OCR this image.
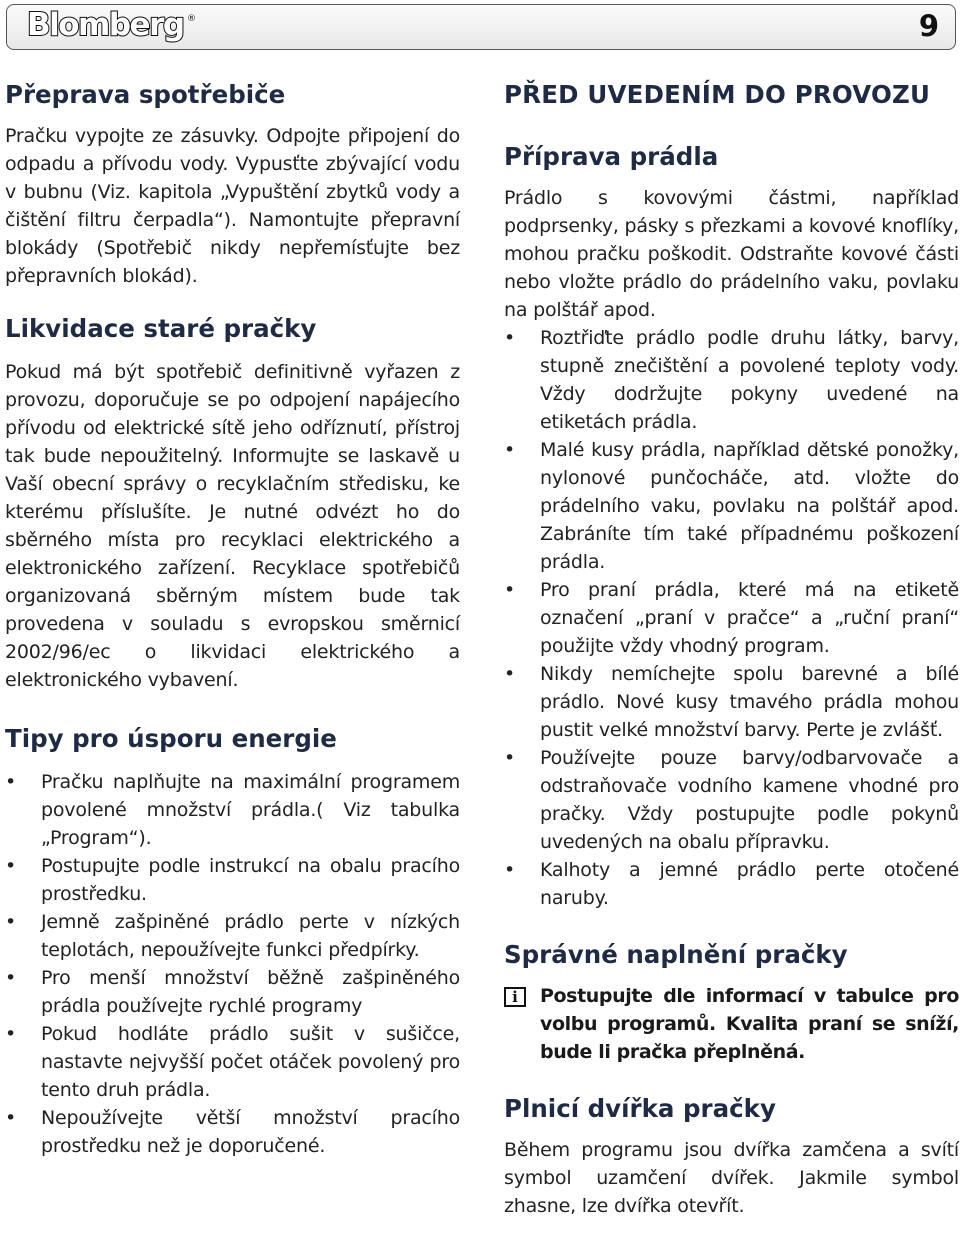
Blomberg ®	9
Přeprava spotřebiče

Pračku vypojte ze zásuvky. Odpojte připojení do odpadu a přívodu vody. Vypusťte zbývající vodu v bubnu (Viz. kapitola „Vypuštění zbytků vody a čištění filtru čerpadla“). Namontujte přepravní blokády (Spotřebič nikdy nepřemísťujte bez přepravních blokád).

Likvidace staré pračky

Pokud má být spotřebič definitivně vyřazen z provozu, doporučuje se po odpojení napájecího přívodu od elektrické sítě jeho odříznutí, přístroj tak bude nepoužitelný. Informujte se laskavě u Vaší obecní správy o recyklačním středisku, ke kterému příslušíte. Je nutné odvézt ho do sběrného místa pro recyklaci elektrického a elektronického zařízení. Recyklace spotřebičů organizovaná sběrným místem bude tak provedena v souladu s evropskou směrnicí 2002/96/ec o likvidaci elektrického a elektronického vybavení.

Tipy pro úsporu energie
•	Pračku naplňujte na maximální programem povolené množství prádla.( Viz tabulka „Program“).
•	Postupujte podle instrukcí na obalu pracího prostředku.
•	Jemně zašpiněné prádlo perte v nízkých teplotách, nepoužívejte funkci předpírky.
•	Pro menší množství běžně zašpiněného prádla používejte rychlé programy
•	Pokud hodláte prádlo sušit v sušičce, nastavte nejvyšší počet otáček povolený pro tento druh prádla.
•	Nepoužívejte větší množství pracího prostředku než je doporučené.
PŘED UVEDENÍM DO PROVOZU
Příprava prádla

Prádlo s kovovými částmi, například podprsenky, pásky s přezkami a kovové knoflíky, mohou pračku poškodit. Odstraňte kovové části nebo vložte prádlo do prádelního vaku, povlaku na polštář apod.

•	Roztřiďte prádlo podle druhu látky, barvy, stupně znečištění a povolené teploty vody. Vždy dodržujte pokyny uvedené na etiketách prádla.
•	Malé kusy prádla, například dětské ponožky, nylonové punčocháče, atd. vložte do prádelního vaku, povlaku na polštář apod. Zabráníte tím také případnému poškození prádla.
•	Pro praní prádla, které má na etiketě označení „praní v pračce“ a „ruční praní“ použijte vždy vhodný program.
•	Nikdy nemíchejte spolu barevné a bílé prádlo. Nové kusy tmavého prádla mohou pustit velké množství barvy. Perte je zvlášť.
•	Používejte pouze barvy/odbarvovače a odstraňovače vodního kamene vhodné pro pračky. Vždy postupujte podle pokynů uvedených na obalu přípravku.
•	Kalhoty a jemné prádlo perte otočené naruby.
Správné naplnění pračky
i	Postupujte dle informací v tabulce pro volbu programů. Kvalita praní se sníží, bude li pračka přeplněná.

Plnicí dvířka pračky

Během programu jsou dvířka zamčena a svítí symbol uzamčení dvířek. Jakmile symbol zhasne, lze dvířka otevřít.
